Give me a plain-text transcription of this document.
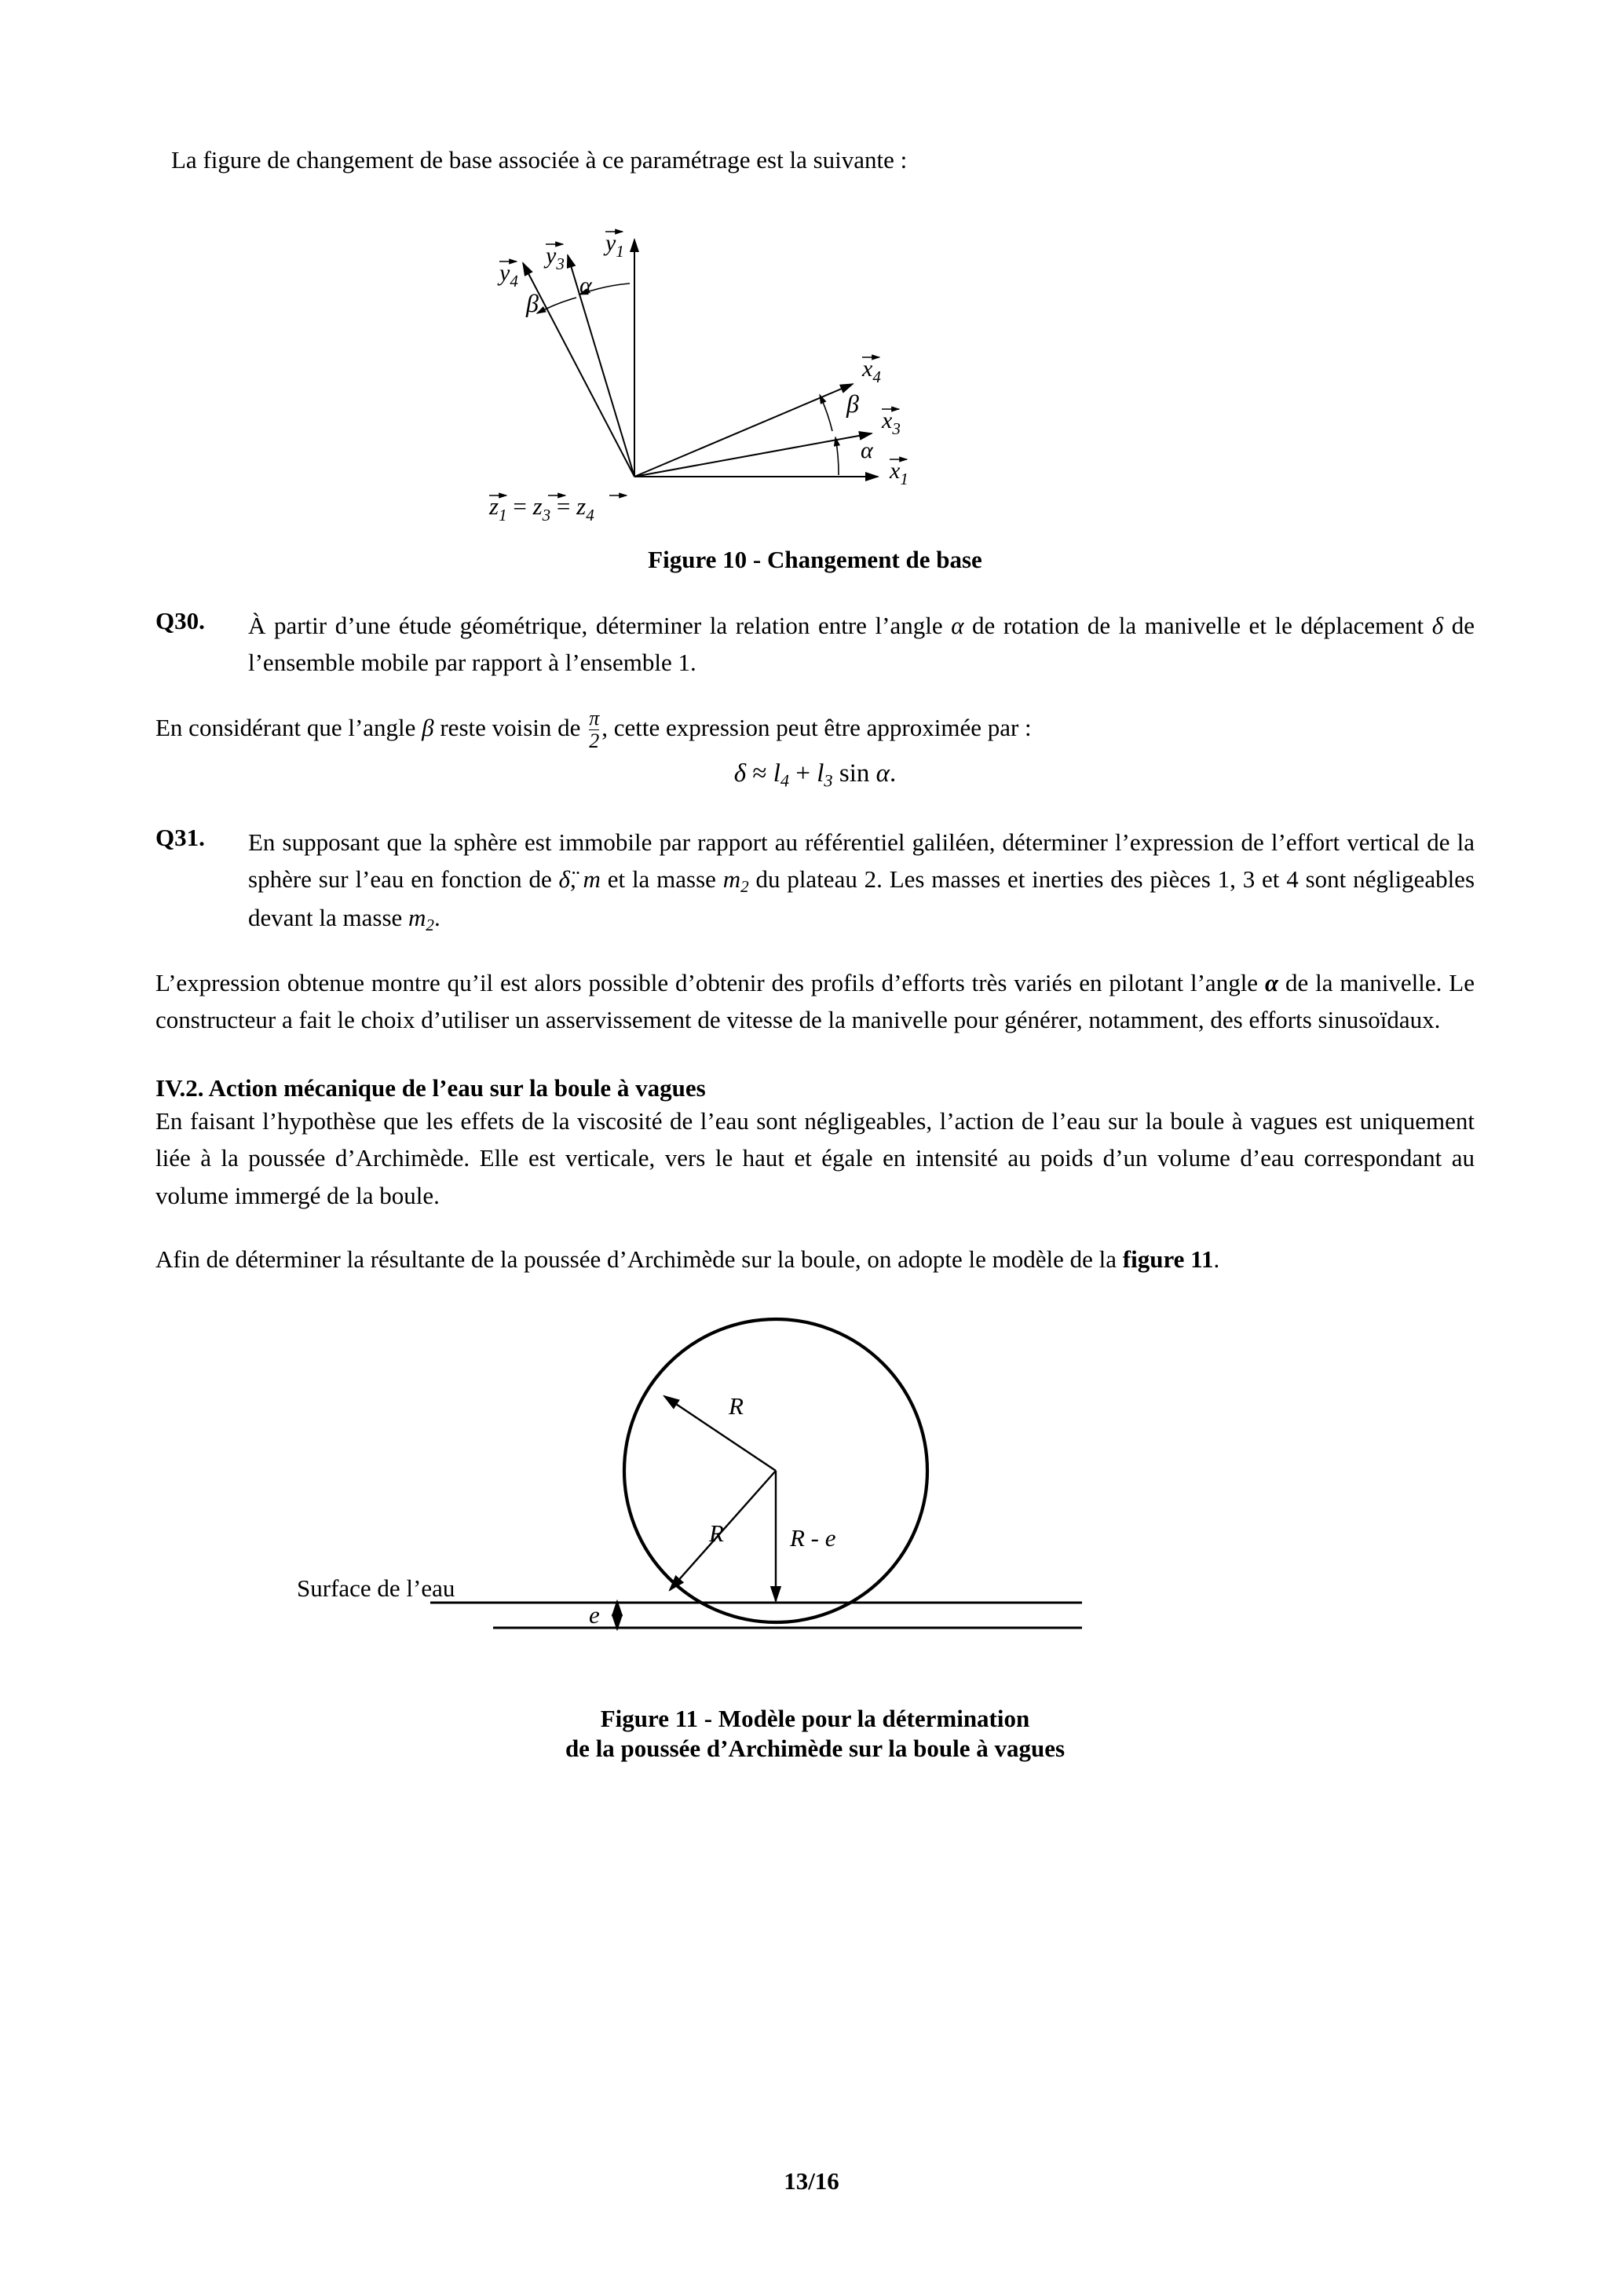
La figure de changement de base associée à ce paramétrage est la suivante :

$y_4$
$y_3$
$y_1$
β
α
$x_4$
$x_3$
$x_1$
β
α
$z_1 = z_3 = z_4$
Figure 10 - Changement de base
Q30.	À partir d’une étude géométrique, déterminer la relation entre l’angle α de rotation de la manivelle et le déplacement δ de l’ensemble mobile par rapport à l’ensemble 1.

En considérant que l’angle β reste voisin de $\frac{\pi}{2}$ , cette expression peut être approximée par :

$\delta \approx l_4 + l_3$ sin α.
Q31.	En supposant que la sphère est immobile par rapport au référentiel galiléen, déterminer l’expression de l’effort vertical de la sphère sur l’eau en fonction de δ̈, m et la masse $m_2$ du plateau 2. Les masses et inerties des pièces 1, 3 et 4 sont négligeables devant la masse $m_2$.

L’expression obtenue montre qu’il est alors possible d’obtenir des profils d’efforts très variés en pilotant l’angle α de la manivelle. Le constructeur a fait le choix d’utiliser un asservissement de vitesse de la manivelle pour générer, notamment, des efforts sinusoïdaux.

IV.2. Action mécanique de l’eau sur la boule à vagues

En faisant l’hypothèse que les effets de la viscosité de l’eau sont négligeables, l’action de l’eau sur la boule à vagues est uniquement liée à la poussée d’Archimède. Elle est verticale, vers le haut et égale en intensité au poids d’un volume d’eau correspondant au volume immergé de la boule.

Afin de déterminer la résultante de la poussée d’Archimède sur la boule, on adopte le modèle de la figure 11.

R
R	R - e
Surface de l’eau
e
Figure 11 - Modèle pour la détermination
de la poussée d’Archimède sur la boule à vagues
13/16
